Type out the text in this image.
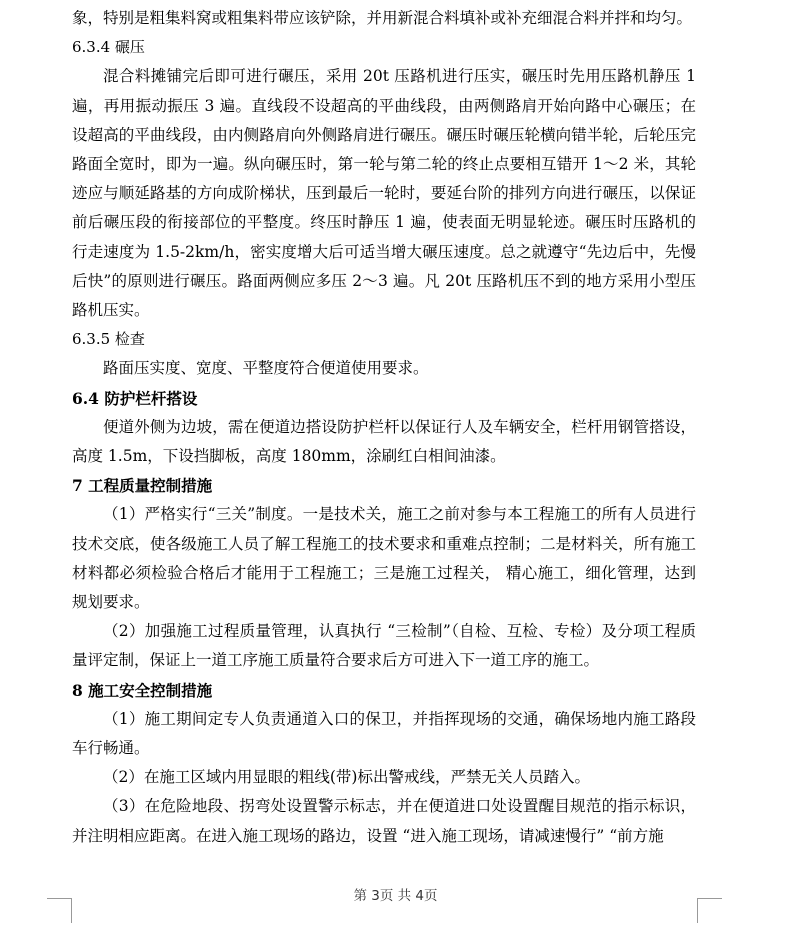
象，特别是粗集料窝或粗集料带应该铲除，并用新混合料填补或补充细混合料并拌和均匀。

6.3.4 碾压

混合料摊铺完后即可进行碾压，采用 20t 压路机进行压实，碾压时先用压路机静压 1 遍，再用振动振压 3 遍。直线段不设超高的平曲线段，由两侧路肩开始向路中心碾压；在设超高的平曲线段，由内侧路肩向外侧路肩进行碾压。碾压时碾压轮横向错半轮，后轮压完路面全宽时，即为一遍。纵向碾压时，第一轮与第二轮的终止点要相互错开 1～2 米，其轮迹应与顺延路基的方向成阶梯状，压到最后一轮时，要延台阶的排列方向进行碾压，以保证前后碾压段的衔接部位的平整度。终压时静压 1 遍，使表面无明显轮迹。碾压时压路机的行走速度为 1.5-2km/h，密实度增大后可适当增大碾压速度。总之就遵守“先边后中，先慢后快”的原则进行碾压。路面两侧应多压 2～3 遍。凡 20t 压路机压不到的地方采用小型压路机压实。

6.3.5 检查

路面压实度、宽度、平整度符合便道使用要求。

6.4 防护栏杆搭设

便道外侧为边坡，需在便道边搭设防护栏杆以保证行人及车辆安全，栏杆用钢管搭设，高度 1.5m，下设挡脚板，高度 180mm，涂刷红白相间油漆。

7 工程质量控制措施

（1）严格实行“三关”制度。一是技术关，施工之前对参与本工程施工的所有人员进行技术交底，使各级施工人员了解工程施工的技术要求和重难点控制；二是材料关，所有施工材料都必须检验合格后才能用于工程施工；三是施工过程关， 精心施工，细化管理，达到规划要求。

（2）加强施工过程质量管理，认真执行 “三检制”（自检、互检、专检）及分项工程质量评定制，保证上一道工序施工质量符合要求后方可进入下一道工序的施工。

8 施工安全控制措施

（1）施工期间定专人负责通道入口的保卫，并指挥现场的交通，确保场地内施工路段车行畅通。

（2）在施工区域内用显眼的粗线(带)标出警戒线，严禁无关人员踏入。

（3）在危险地段、拐弯处设置警示标志，并在便道进口处设置醒目规范的指示标识，并注明相应距离。在进入施工现场的路边，设置 “进入施工现场，请减速慢行” “前方施

第 3页 共 4页
